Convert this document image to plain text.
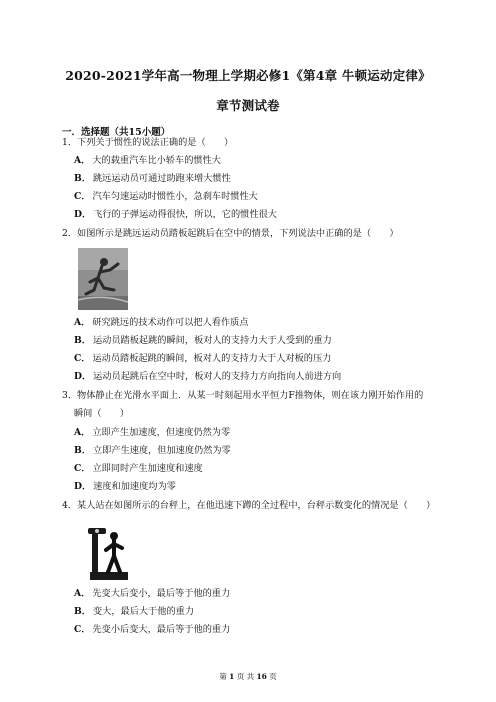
2020-2021学年高一物理上学期必修1《第4章 牛顿运动定律》
章节测试卷
一．选择题（共15小题）
1．下列关于惯性的说法正确的是（　　）
A． 大的载重汽车比小轿车的惯性大
B． 跳远运动员可通过助跑来增大惯性
C． 汽车匀速运动时惯性小，急刹车时惯性大
D． 飞行的子弹运动得很快，所以，它的惯性很大
2．如图所示是跳远运动员踏板起跳后在空中的情景，下列说法中正确的是（　　）
A． 研究跳远的技术动作可以把人看作质点
B． 运动员踏板起跳的瞬间，板对人的支持力大于人受到的重力
C． 运动员踏板起跳的瞬间，板对人的支持力大于人对板的压力
D． 运动员起跳后在空中时，板对人的支持力方向指向人前进方向
3．物体静止在光滑水平面上．从某一时刻起用水平恒力F推物体，则在该力刚开始作用的
瞬间（　　）
A． 立即产生加速度，但速度仍然为零
B． 立即产生速度，但加速度仍然为零
C． 立即同时产生加速度和速度
D． 速度和加速度均为零
4．某人站在如图所示的台秤上，在他迅速下蹲的全过程中，台秤示数变化的情况是（　　）
A． 先变大后变小，最后等于他的重力
B． 变大，最后大于他的重力
C． 先变小后变大，最后等于他的重力
第 1 页 共 16 页
